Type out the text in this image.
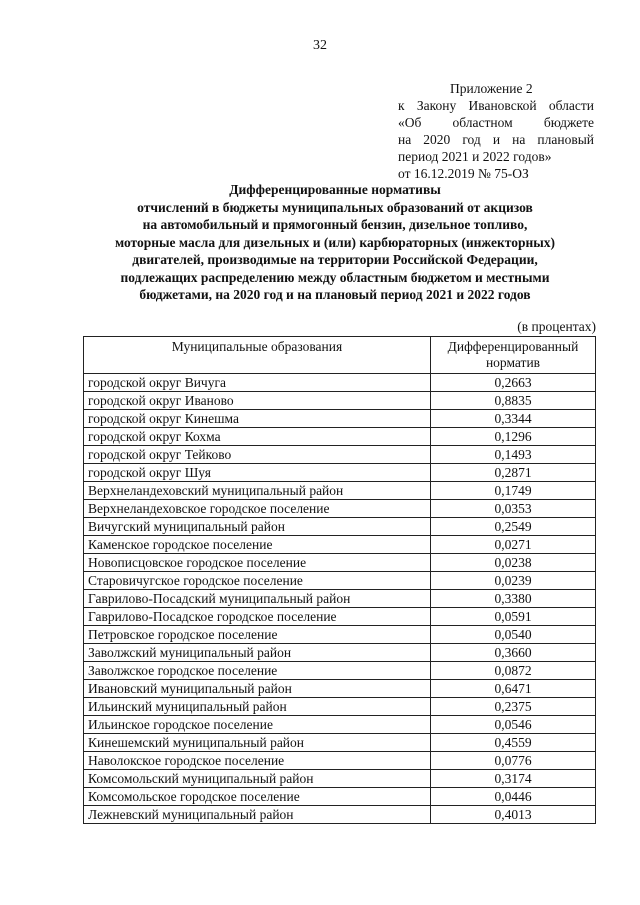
32
Приложение 2
к Закону Ивановской области
«Об областном бюджете
на 2020 год и на плановый
период 2021 и 2022 годов»
от 16.12.2019 № 75-ОЗ
Дифференцированные нормативы
отчислений в бюджеты муниципальных образований от акцизов
на автомобильный и прямогонный бензин, дизельное топливо,
моторные масла для дизельных и (или) карбюраторных (инжекторных)
двигателей, производимые на территории Российской Федерации,
подлежащих распределению между областным бюджетом и местными
бюджетами, на 2020 год и на плановый период 2021 и 2022 годов
(в процентах)
Муниципальные образования	Дифференцированный норматив
городской округ Вичуга	0,2663
городской округ Иваново	0,8835
городской округ Кинешма	0,3344
городской округ Кохма	0,1296
городской округ Тейково	0,1493
городской округ Шуя	0,2871
Верхнеландеховский муниципальный район	0,1749
Верхнеландеховское городское поселение	0,0353
Вичугский муниципальный район	0,2549
Каменское городское поселение	0,0271
Новописцовское городское поселение	0,0238
Старовичугское городское поселение	0,0239
Гаврилово-Посадский муниципальный район	0,3380
Гаврилово-Посадское городское поселение	0,0591
Петровское городское поселение	0,0540
Заволжский муниципальный район	0,3660
Заволжское городское поселение	0,0872
Ивановский муниципальный район	0,6471
Ильинский муниципальный район	0,2375
Ильинское городское поселение	0,0546
Кинешемский муниципальный район	0,4559
Наволокское городское поселение	0,0776
Комсомольский муниципальный район	0,3174
Комсомольское городское поселение	0,0446
Лежневский муниципальный район	0,4013
